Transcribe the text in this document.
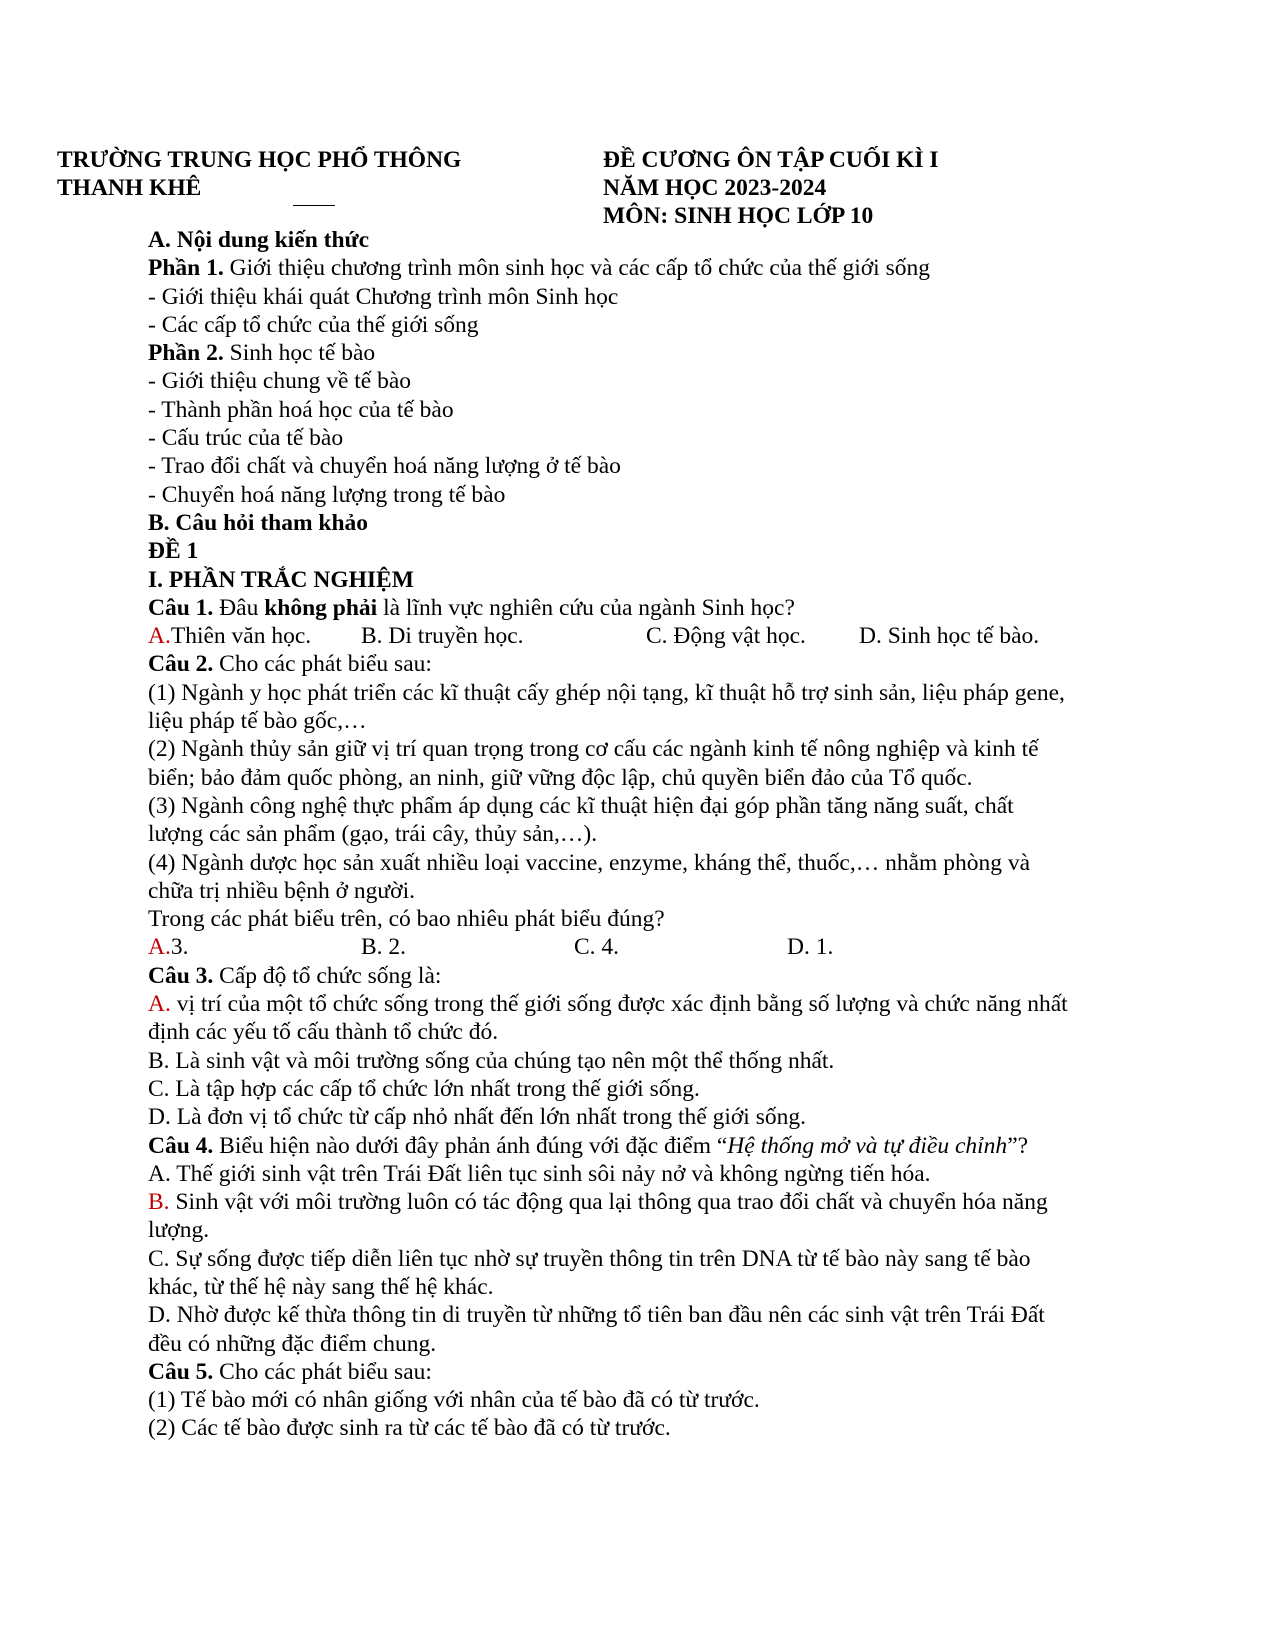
TRƯỜNG TRUNG HỌC PHỔ THÔNG
THANH KHÊ
ĐỀ CƯƠNG ÔN TẬP CUỐI KÌ I
NĂM HỌC 2023-2024
MÔN: SINH HỌC LỚP 10
A. Nội dung kiến thức
Phần 1. Giới thiệu chương trình môn sinh học và các cấp tổ chức của thế giới sống
- Giới thiệu khái quát Chương trình môn Sinh học
- Các cấp tổ chức của thế giới sống
Phần 2. Sinh học tế bào
- Giới thiệu chung về tế bào
- Thành phần hoá học của tế bào
- Cấu trúc của tế bào
- Trao đổi chất và chuyển hoá năng lượng ở tế bào
- Chuyển hoá năng lượng trong tế bào
B. Câu hỏi tham khảo
ĐỀ 1
I. PHẦN TRẮC NGHIỆM
Câu 1. Đâu không phải là lĩnh vực nghiên cứu của ngành Sinh học?
A.Thiên văn học.	B. Di truyền học.	C. Động vật học.	D. Sinh học tế bào.
Câu 2. Cho các phát biểu sau:
(1) Ngành y học phát triển các kĩ thuật cấy ghép nội tạng, kĩ thuật hỗ trợ sinh sản, liệu pháp gene, liệu pháp tế bào gốc,…
(2) Ngành thủy sản giữ vị trí quan trọng trong cơ cấu các ngành kinh tế nông nghiệp và kinh tế biển; bảo đảm quốc phòng, an ninh, giữ vững độc lập, chủ quyền biển đảo của Tổ quốc.
(3) Ngành công nghệ thực phẩm áp dụng các kĩ thuật hiện đại góp phần tăng năng suất, chất lượng các sản phẩm (gạo, trái cây, thủy sản,…).
(4) Ngành dược học sản xuất nhiều loại vaccine, enzyme, kháng thể, thuốc,… nhằm phòng và chữa trị nhiều bệnh ở người.
Trong các phát biểu trên, có bao nhiêu phát biểu đúng?
A.3.	B. 2.	C. 4.	D. 1.
Câu 3. Cấp độ tổ chức sống là:
A. vị trí của một tổ chức sống trong thế giới sống được xác định bằng số lượng và chức năng nhất định các yếu tố cấu thành tổ chức đó.
B. Là sinh vật và môi trường sống của chúng tạo nên một thể thống nhất.
C. Là tập hợp các cấp tổ chức lớn nhất trong thế giới sống.
D. Là đơn vị tổ chức từ cấp nhỏ nhất đến lớn nhất trong thế giới sống.
Câu 4. Biểu hiện nào dưới đây phản ánh đúng với đặc điểm “Hệ thống mở và tự điều chỉnh”?
A. Thế giới sinh vật trên Trái Đất liên tục sinh sôi nảy nở và không ngừng tiến hóa.
B. Sinh vật với môi trường luôn có tác động qua lại thông qua trao đổi chất và chuyển hóa năng lượng.
C. Sự sống được tiếp diễn liên tục nhờ sự truyền thông tin trên DNA từ tế bào này sang tế bào khác, từ thế hệ này sang thế hệ khác.
D. Nhờ được kế thừa thông tin di truyền từ những tổ tiên ban đầu nên các sinh vật trên Trái Đất đều có những đặc điểm chung.
Câu 5. Cho các phát biểu sau:
(1) Tế bào mới có nhân giống với nhân của tế bào đã có từ trước.
(2) Các tế bào được sinh ra từ các tế bào đã có từ trước.
